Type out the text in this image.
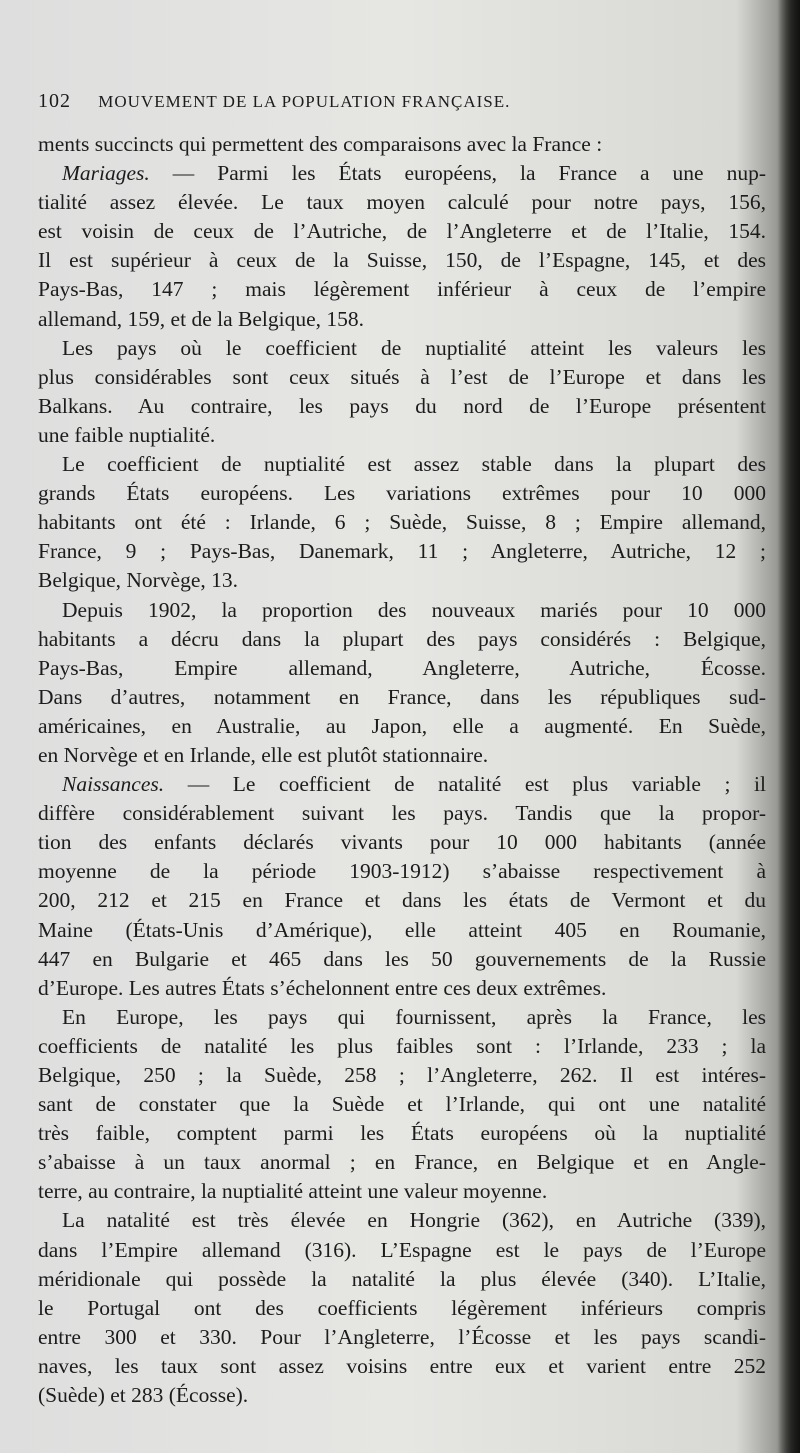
102 MOUVEMENT DE LA POPULATION FRANÇAISE.
ments succincts qui permettent des comparaisons avec la France :
Mariages. — Parmi les États européens, la France a une nup-
tialité assez élevée. Le taux moyen calculé pour notre pays, 156,
est voisin de ceux de l’Autriche, de l’Angleterre et de l’Italie, 154.
Il est supérieur à ceux de la Suisse, 150, de l’Espagne, 145, et des
Pays-Bas, 147 ; mais légèrement inférieur à ceux de l’empire
allemand, 159, et de la Belgique, 158.
Les pays où le coefficient de nuptialité atteint les valeurs les
plus considérables sont ceux situés à l’est de l’Europe et dans les
Balkans. Au contraire, les pays du nord de l’Europe présentent
une faible nuptialité.
Le coefficient de nuptialité est assez stable dans la plupart des
grands États européens. Les variations extrêmes pour 10 000
habitants ont été : Irlande, 6 ; Suède, Suisse, 8 ; Empire allemand,
France, 9 ; Pays-Bas, Danemark, 11 ; Angleterre, Autriche, 12 ;
Belgique, Norvège, 13.
Depuis 1902, la proportion des nouveaux mariés pour 10 000
habitants a décru dans la plupart des pays considérés : Belgique,
Pays-Bas, Empire allemand, Angleterre, Autriche, Écosse.
Dans d’autres, notamment en France, dans les républiques sud-
américaines, en Australie, au Japon, elle a augmenté. En Suède,
en Norvège et en Irlande, elle est plutôt stationnaire.
Naissances. — Le coefficient de natalité est plus variable ; il
diffère considérablement suivant les pays. Tandis que la propor-
tion des enfants déclarés vivants pour 10 000 habitants (année
moyenne de la période 1903-1912) s’abaisse respectivement à
200, 212 et 215 en France et dans les états de Vermont et du
Maine (États-Unis d’Amérique), elle atteint 405 en Roumanie,
447 en Bulgarie et 465 dans les 50 gouvernements de la Russie
d’Europe. Les autres États s’échelonnent entre ces deux extrêmes.
En Europe, les pays qui fournissent, après la France, les
coefficients de natalité les plus faibles sont : l’Irlande, 233 ; la
Belgique, 250 ; la Suède, 258 ; l’Angleterre, 262. Il est intéres-
sant de constater que la Suède et l’Irlande, qui ont une natalité
très faible, comptent parmi les États européens où la nuptialité
s’abaisse à un taux anormal ; en France, en Belgique et en Angle-
terre, au contraire, la nuptialité atteint une valeur moyenne.
La natalité est très élevée en Hongrie (362), en Autriche (339),
dans l’Empire allemand (316). L’Espagne est le pays de l’Europe
méridionale qui possède la natalité la plus élevée (340). L’Italie,
le Portugal ont des coefficients légèrement inférieurs compris
entre 300 et 330. Pour l’Angleterre, l’Écosse et les pays scandi-
naves, les taux sont assez voisins entre eux et varient entre 252
(Suède) et 283 (Écosse).
